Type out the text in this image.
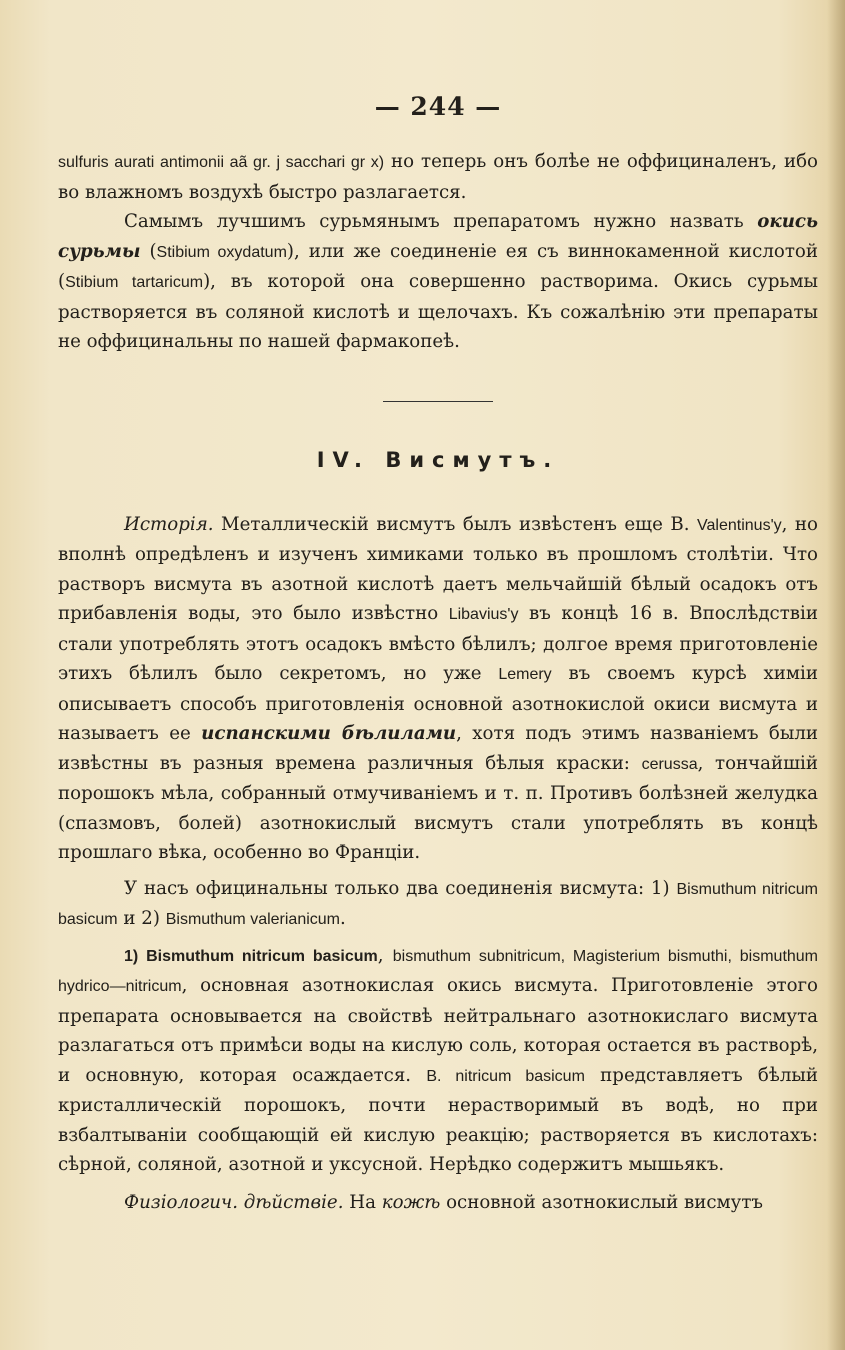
— 244 —

sulfuris aurati antimonii aã gr. j sacchari gr x) но теперь онъ болѣе не оффициналенъ, ибо во влажномъ воздухѣ быстро разлагается.

Самымъ лучшимъ сурьмянымъ препаратомъ нужно назвать окись сурьмы (Stibium oxydatum), или же соединеніе ея съ виннокаменной кислотой (Stibium tartaricum), въ которой она совершенно растворима. Окись сурьмы растворяется въ соляной кислотѣ и щелочахъ. Къ сожалѣнію эти препараты не оффицинальны по нашей фармакопеѣ.

IV. Висмутъ.

Исторія. Металлическій висмутъ былъ извѣстенъ еще B. Valentinus'y, но вполнѣ опредѣленъ и изученъ химиками только въ прошломъ столѣтіи. Что растворъ висмута въ азотной кислотѣ даетъ мельчайшій бѣлый осадокъ отъ прибавленія воды, это было извѣстно Libavius'y въ концѣ 16 в. Впослѣдствіи стали употреблять этотъ осадокъ вмѣсто бѣлилъ; долгое время приготовленіе этихъ бѣлилъ было секретомъ, но уже Lemery въ своемъ курсѣ химіи описываетъ способъ приготовленія основной азотнокислой окиси висмута и называетъ ее испанскими бѣлилами, хотя подъ этимъ названіемъ были извѣстны въ разныя времена различныя бѣлыя краски: cerussa, тончайшій порошокъ мѣла, собранный отмучиваніемъ и т. п. Противъ болѣзней желудка (спазмовъ, болей) азотнокислый висмутъ стали употреблять въ концѣ прошлаго вѣка, особенно во Франціи.

У насъ официнальны только два соединенія висмута: 1) Bismuthum nitricum basicum и 2) Bismuthum valerianicum.

1) Bismuthum nitricum basicum, bismuthum subnitricum, Magisterium bismuthi, bismuthum hydrico—nitricum, основная азотнокислая окись висмута. Приготовленіе этого препарата основывается на свойствѣ нейтральнаго азотнокислаго висмута разлагаться отъ примѣси воды на кислую соль, которая остается въ растворѣ, и основную, которая осаждается. B. nitricum basicum представляетъ бѣлый кристаллическій порошокъ, почти нерастворимый въ водѣ, но при взбалтываніи сообщающій ей кислую реакцію; растворяется въ кислотахъ: сѣрной, соляной, азотной и уксусной. Нерѣдко содержитъ мышьякъ.

Физіологич. дѣйствіе. На кожѣ основной азотнокислый висмутъ
